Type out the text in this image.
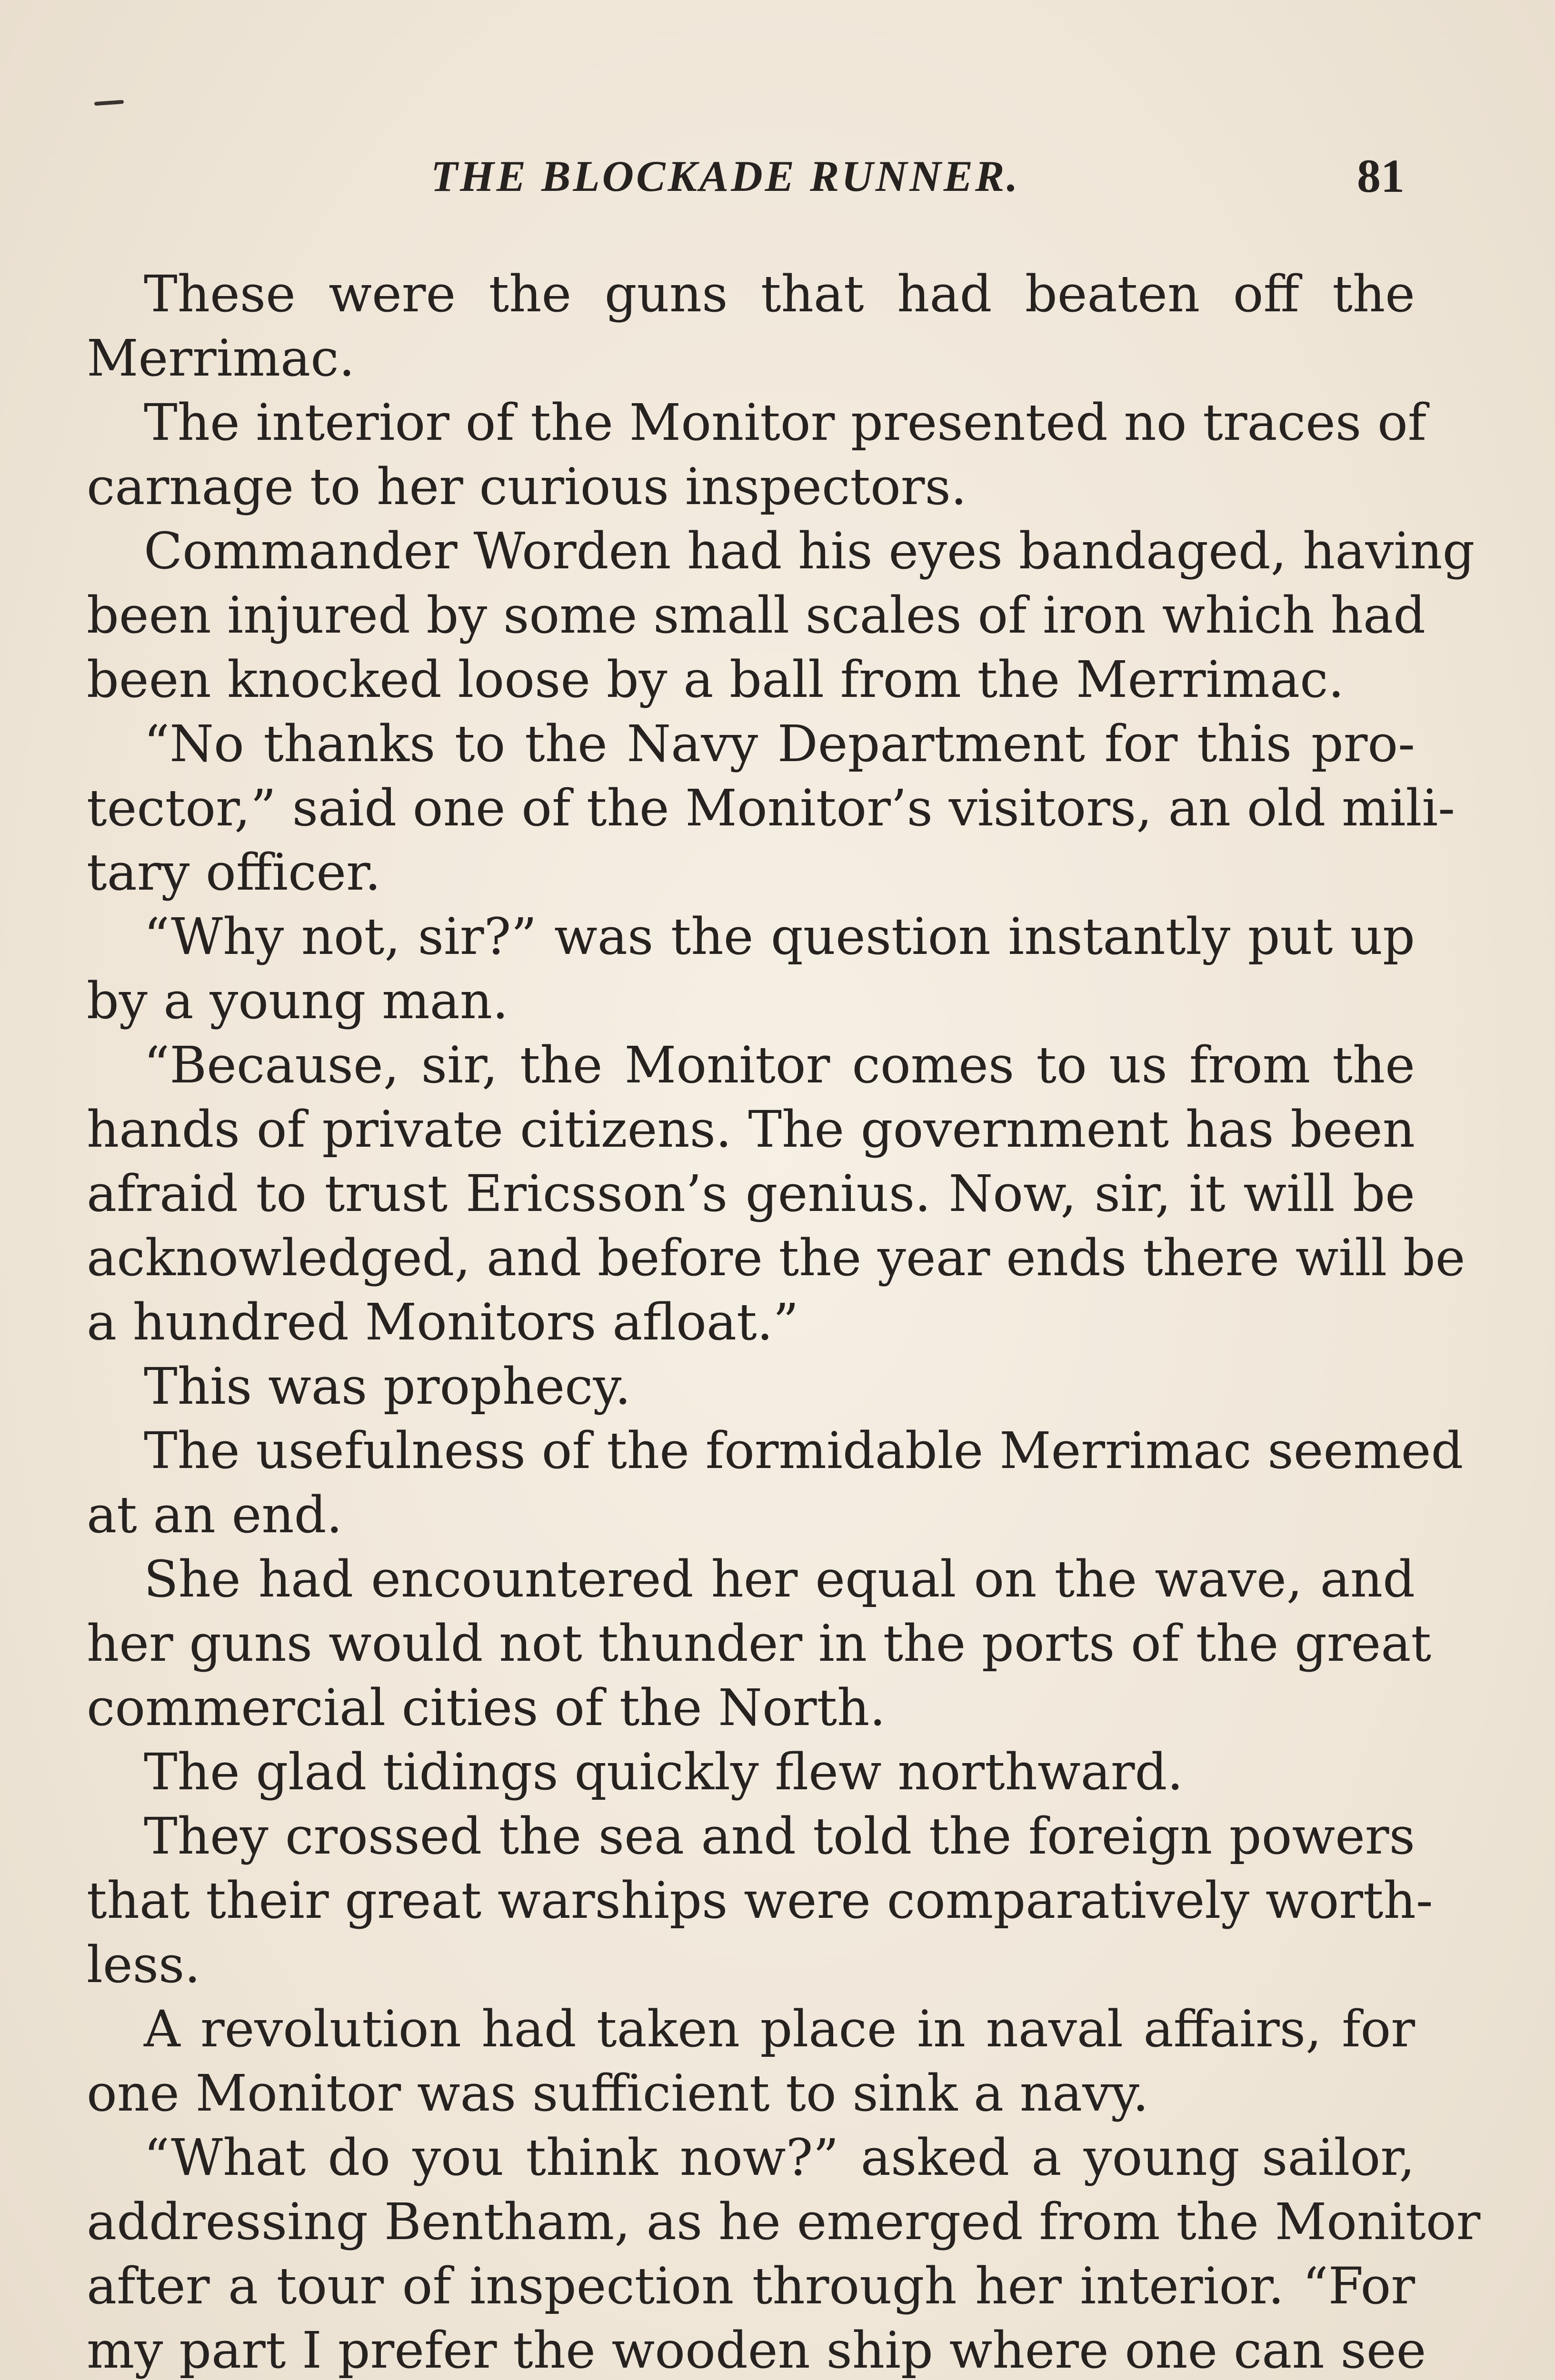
THE BLOCKADE RUNNER.	81
These were the guns that had beaten off the
Merrimac.
The interior of the Monitor presented no traces of
carnage to her curious inspectors.
Commander Worden had his eyes bandaged, having
been injured by some small scales of iron which had
been knocked loose by a ball from the Merrimac.
“No thanks to the Navy Department for this pro-
tector,” said one of the Monitor’s visitors, an old mili-
tary officer.
“Why not, sir?” was the question instantly put up
by a young man.
“Because, sir, the Monitor comes to us from the
hands of private citizens. The government has been
afraid to trust Ericsson’s genius. Now, sir, it will be
acknowledged, and before the year ends there will be
a hundred Monitors afloat.”
This was prophecy.
The usefulness of the formidable Merrimac seemed
at an end.
She had encountered her equal on the wave, and
her guns would not thunder in the ports of the great
commercial cities of the North.
The glad tidings quickly flew northward.
They crossed the sea and told the foreign powers
that their great warships were comparatively worth-
less.
A revolution had taken place in naval affairs, for
one Monitor was sufficient to sink a navy.
“What do you think now?” asked a young sailor,
addressing Bentham, as he emerged from the Monitor
after a tour of inspection through her interior. “For
my part I prefer the wooden ship where one can see
